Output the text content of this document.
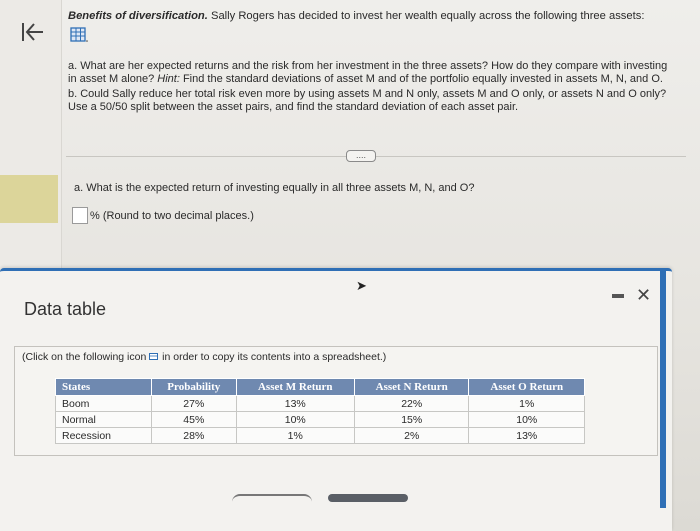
Benefits of diversification. Sally Rogers has decided to invest her wealth equally across the following three assets:

a. What are her expected returns and the risk from her investment in the three assets? How do they compare with investing in asset M alone? Hint: Find the standard deviations of asset M and of the portfolio equally invested in assets M, N, and O.

b. Could Sally reduce her total risk even more by using assets M and N only, assets M and O only, or assets N and O only? Use a 50/50 split between the asset pairs, and find the standard deviation of each asset pair.

....
a. What is the expected return of investing equally in all three assets M, N, and O?
% (Round to two decimal places.)
Data table
✕
➤
(Click on the following icon  in order to copy its contents into a spreadsheet.)
States	Probability	Asset M Return	Asset N Return	Asset O Return
Boom	27%	13%	22%	1%
Normal	45%	10%	15%	10%
Recession	28%	1%	2%	13%
